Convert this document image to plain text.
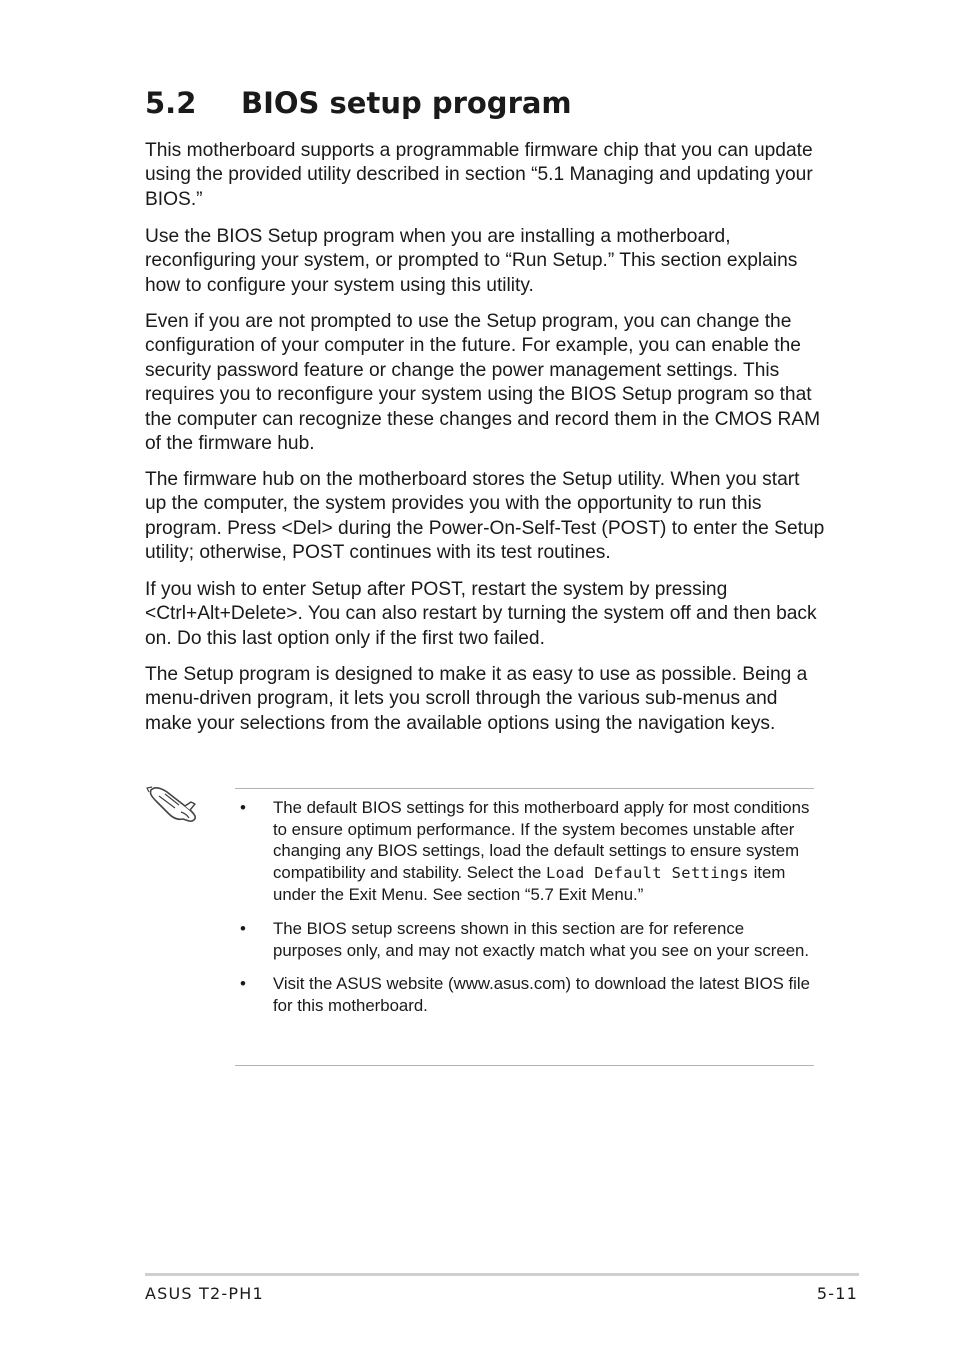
5.2 BIOS setup program

This motherboard supports a programmable firmware chip that you can update using the provided utility described in section “5.1 Managing and updating your BIOS.”

Use the BIOS Setup program when you are installing a motherboard, reconfiguring your system, or prompted to “Run Setup.” This section explains how to configure your system using this utility.

Even if you are not prompted to use the Setup program, you can change the configuration of your computer in the future. For example, you can enable the security password feature or change the power management settings. This requires you to reconfigure your system using the BIOS Setup program so that the computer can recognize these changes and record them in the CMOS RAM of the firmware hub.

The firmware hub on the motherboard stores the Setup utility. When you start up the computer, the system provides you with the opportunity to run this program. Press <Del> during the Power-On-Self-Test (POST) to enter the Setup utility; otherwise, POST continues with its test routines.

If you wish to enter Setup after POST, restart the system by pressing <Ctrl+Alt+Delete>. You can also restart by turning the system off and then back on. Do this last option only if the first two failed.

The Setup program is designed to make it as easy to use as possible. Being a menu-driven program, it lets you scroll through the various sub-menus and make your selections from the available options using the navigation keys.

• The default BIOS settings for this motherboard apply for most conditions to ensure optimum performance. If the system becomes unstable after changing any BIOS settings, load the default settings to ensure system compatibility and stability. Select the Load Default Settings item under the Exit Menu. See section “5.7 Exit Menu.”
• The BIOS setup screens shown in this section are for reference purposes only, and may not exactly match what you see on your screen.
• Visit the ASUS website (www.asus.com) to download the latest BIOS file for this motherboard.
ASUS T2-PH1	5-11
